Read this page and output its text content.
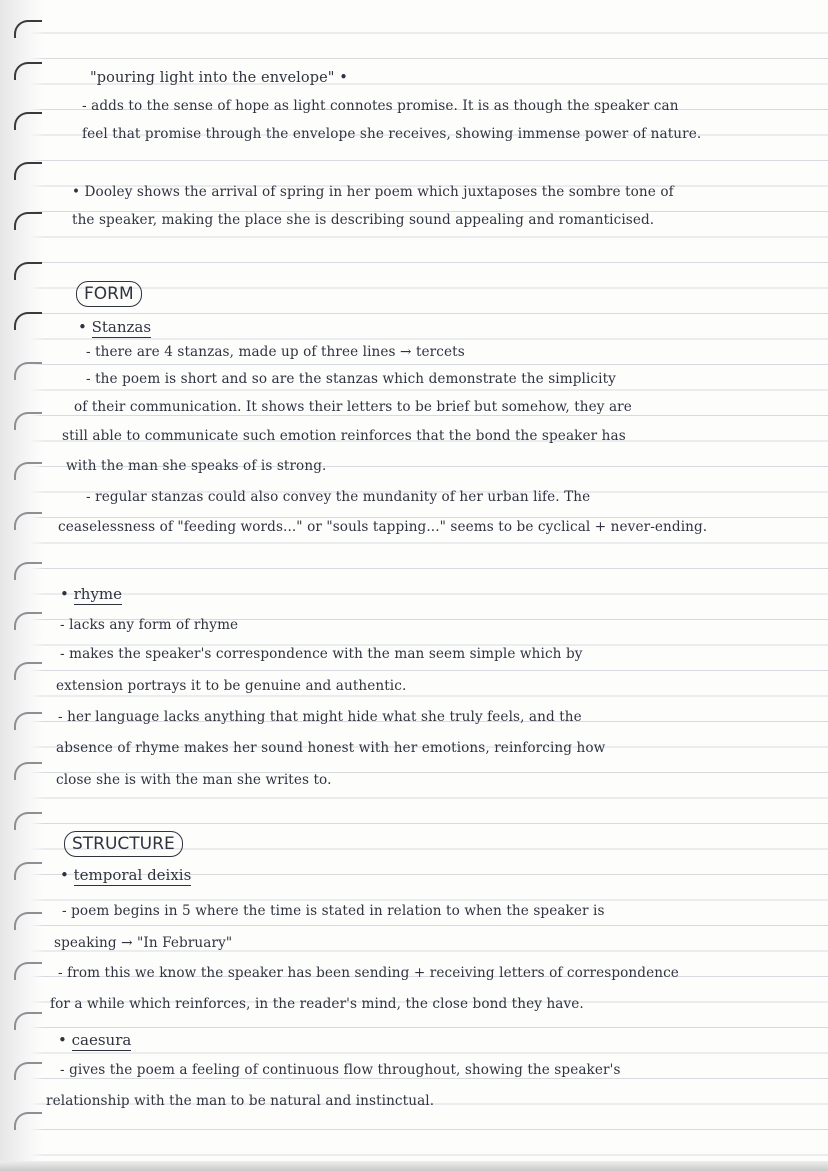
"pouring light into the envelope" •

- adds to the sense of hope as light connotes promise. It is as though the speaker can

feel that promise through the envelope she receives, showing immense power of nature.

• Dooley shows the arrival of spring in her poem which juxtaposes the sombre tone of

the speaker, making the place she is describing sound appealing and romanticised.

FORM

• Stanzas

- there are 4 stanzas, made up of three lines → tercets

- the poem is short and so are the stanzas which demonstrate the simplicity

of their communication. It shows their letters to be brief but somehow, they are

still able to communicate such emotion reinforces that the bond the speaker has

with the man she speaks of is strong.

- regular stanzas could also convey the mundanity of her urban life. The

ceaselessness of "feeding words..." or "souls tapping..." seems to be cyclical + never-ending.

• rhyme

- lacks any form of rhyme

- makes the speaker's correspondence with the man seem simple which by

extension portrays it to be genuine and authentic.

- her language lacks anything that might hide what she truly feels, and the

absence of rhyme makes her sound honest with her emotions, reinforcing how

close she is with the man she writes to.

STRUCTURE

• temporal deixis

- poem begins in 5 where the time is stated in relation to when the speaker is

speaking → "In February"

- from this we know the speaker has been sending + receiving letters of correspondence

for a while which reinforces, in the reader's mind, the close bond they have.

• caesura

- gives the poem a feeling of continuous flow throughout, showing the speaker's

relationship with the man to be natural and instinctual.
